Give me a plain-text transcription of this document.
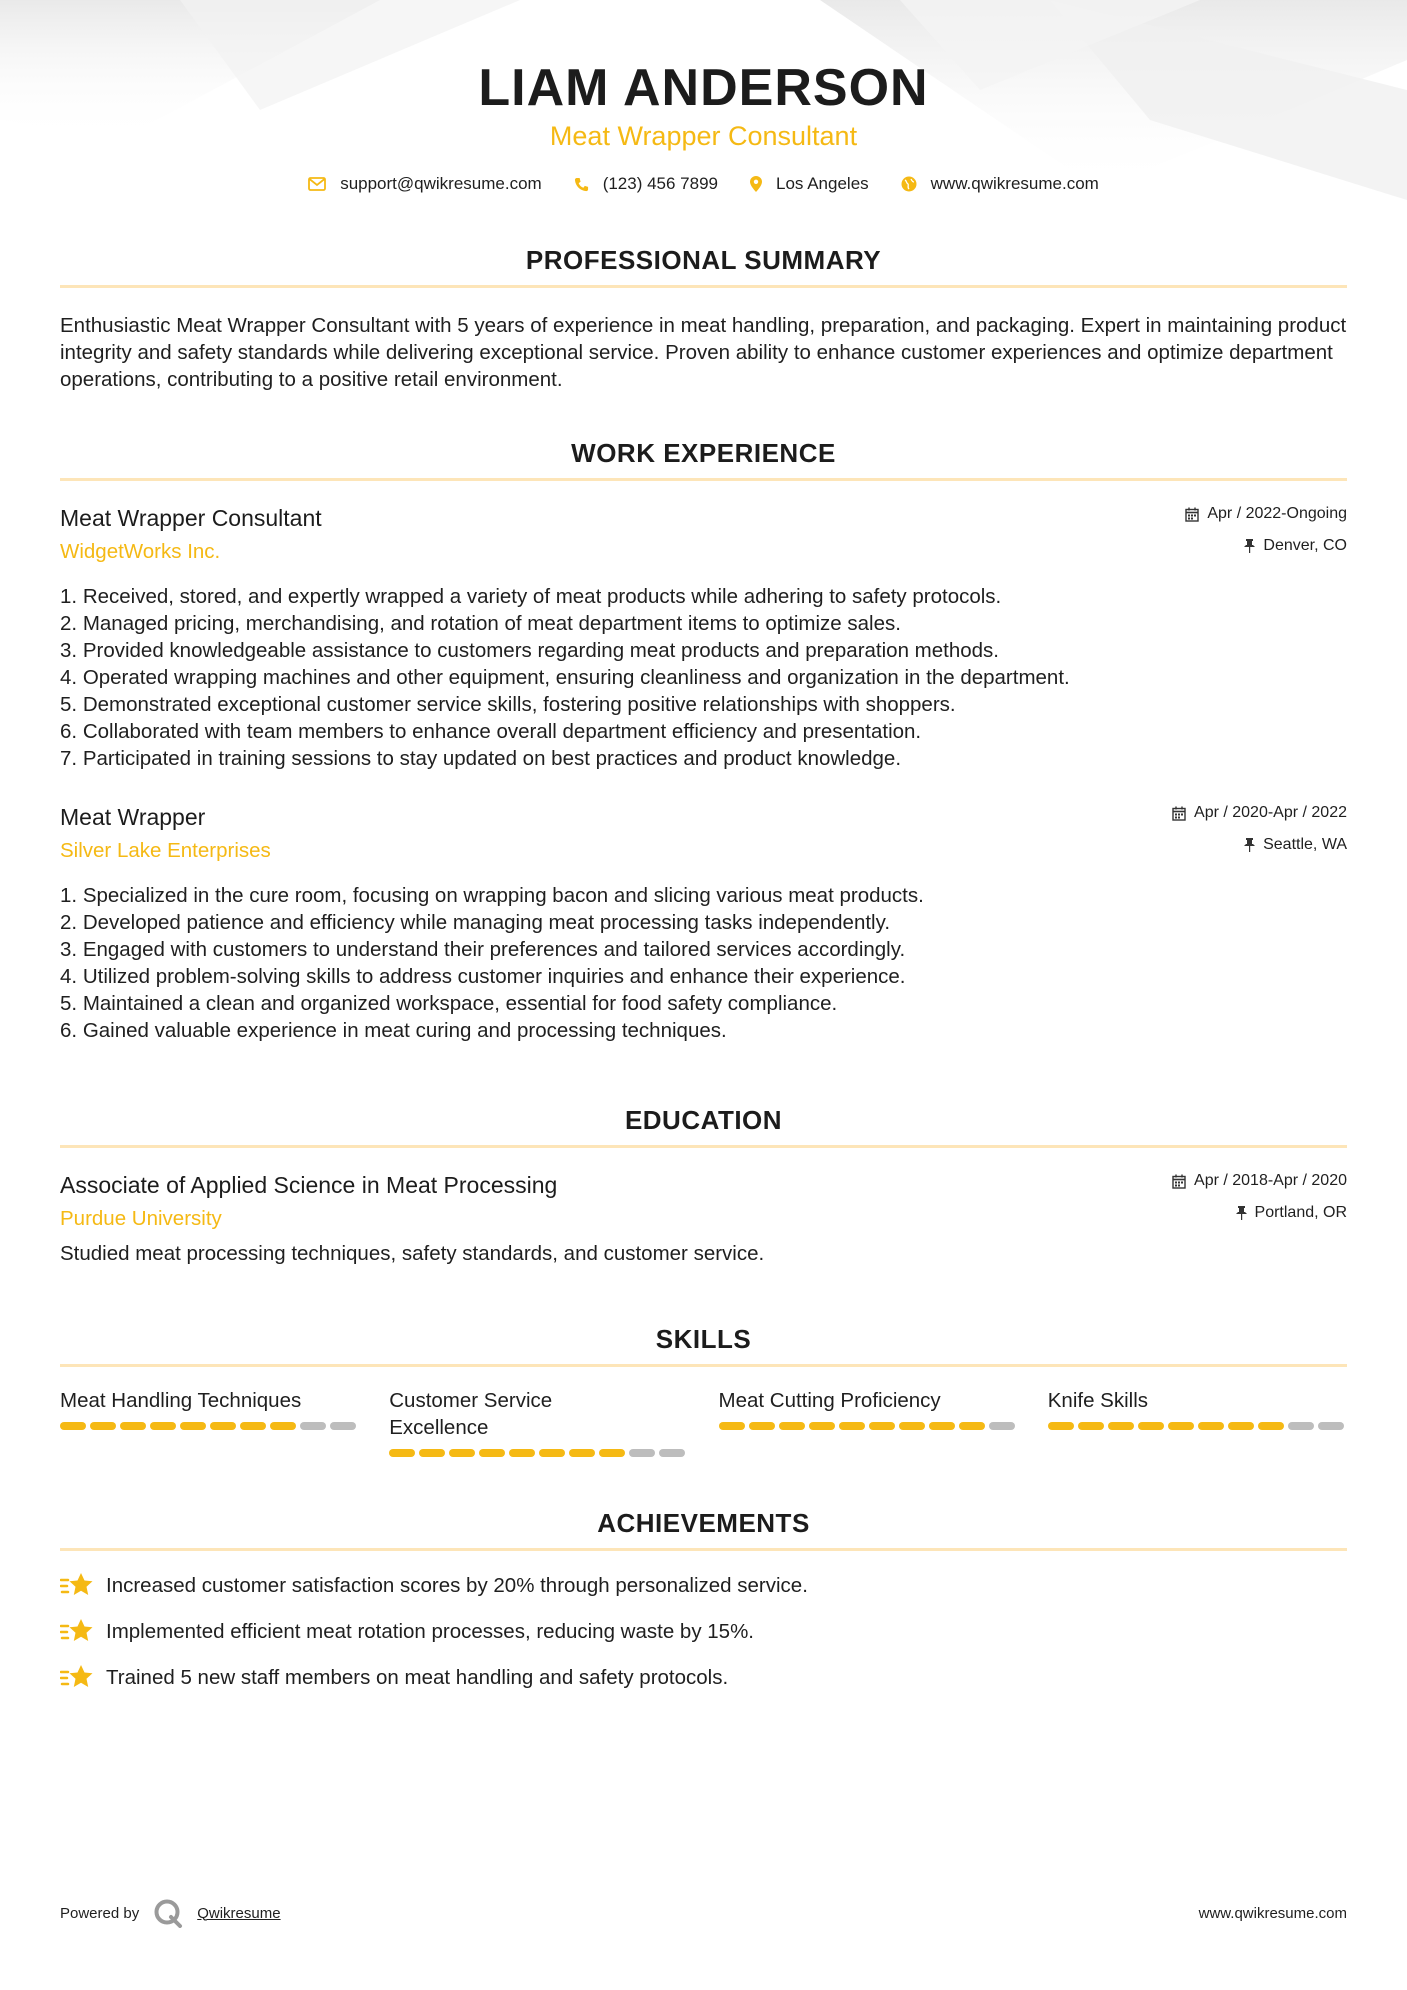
LIAM ANDERSON
Meat Wrapper Consultant
support@qwikresume.com	(123) 456 7899	Los Angeles	www.qwikresume.com
PROFESSIONAL SUMMARY
Enthusiastic Meat Wrapper Consultant with 5 years of experience in meat handling, preparation, and packaging. Expert in maintaining product integrity and safety standards while delivering exceptional service. Proven ability to enhance customer experiences and optimize department operations, contributing to a positive retail environment.
WORK EXPERIENCE
Meat Wrapper Consultant
WidgetWorks Inc.
Apr / 2022-Ongoing
Denver, CO
Received, stored, and expertly wrapped a variety of meat products while adhering to safety protocols.
Managed pricing, merchandising, and rotation of meat department items to optimize sales.
Provided knowledgeable assistance to customers regarding meat products and preparation methods.
Operated wrapping machines and other equipment, ensuring cleanliness and organization in the department.
Demonstrated exceptional customer service skills, fostering positive relationships with shoppers.
Collaborated with team members to enhance overall department efficiency and presentation.
Participated in training sessions to stay updated on best practices and product knowledge.
Meat Wrapper
Silver Lake Enterprises
Apr / 2020-Apr / 2022
Seattle, WA
Specialized in the cure room, focusing on wrapping bacon and slicing various meat products.
Developed patience and efficiency while managing meat processing tasks independently.
Engaged with customers to understand their preferences and tailored services accordingly.
Utilized problem-solving skills to address customer inquiries and enhance their experience.
Maintained a clean and organized workspace, essential for food safety compliance.
Gained valuable experience in meat curing and processing techniques.
EDUCATION
Associate of Applied Science in Meat Processing
Purdue University
Apr / 2018-Apr / 2020
Portland, OR
Studied meat processing techniques, safety standards, and customer service.
SKILLS
Meat Handling Techniques	Customer Service Excellence
Meat Cutting Proficiency	Knife Skills
ACHIEVEMENTS
Increased customer satisfaction scores by 20% through personalized service.
Implemented efficient meat rotation processes, reducing waste by 15%.
Trained 5 new staff members on meat handling and safety protocols.
Powered by	Qwikresume	www.qwikresume.com
